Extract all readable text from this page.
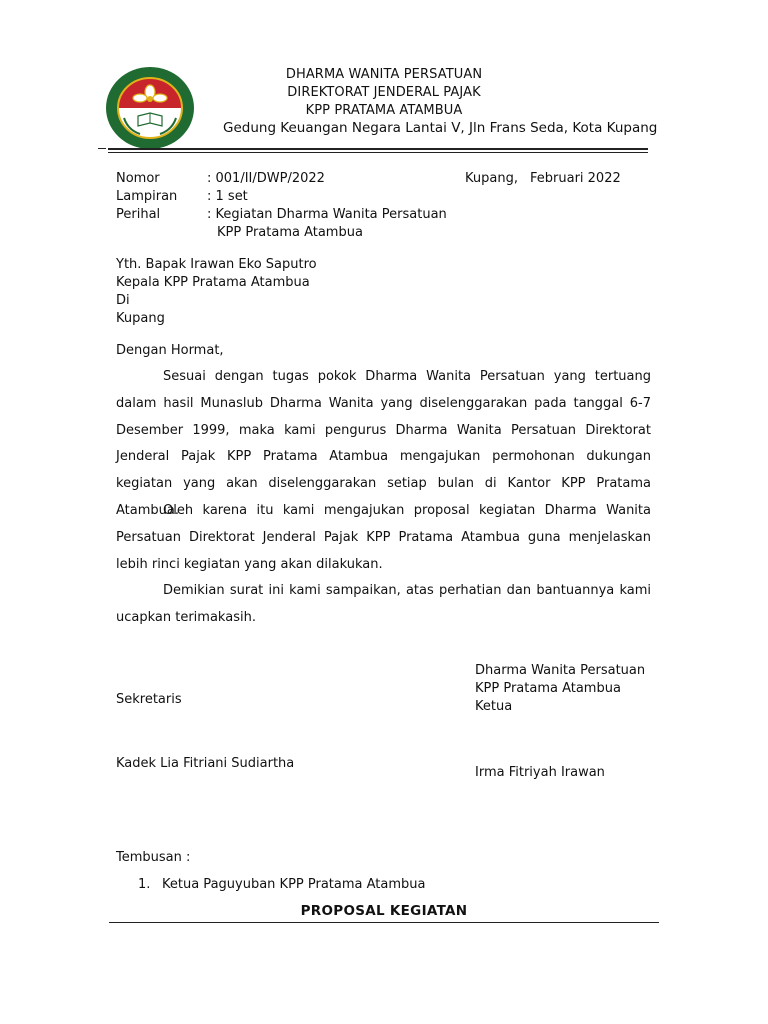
DHARMA WANITA PERSATUAN
DIREKTORAT JENDERAL PAJAK
KPP PRATAMA ATAMBUA
Gedung Keuangan Negara Lantai V, Jln Frans Seda, Kota Kupang
Nomor	: 001/II/DWP/2022	Kupang, Februari 2022
Lampiran : 1 set
Perihal	: Kegiatan Dharma Wanita Persatuan
KPP Pratama Atambua
Yth. Bapak Irawan Eko Saputro
Kepala KPP Pratama Atambua
Di
Kupang
Dengan Hormat,
Sesuai dengan tugas pokok Dharma Wanita Persatuan yang tertuang dalam hasil Munaslub Dharma Wanita yang diselenggarakan pada tanggal 6-7 Desember 1999, maka kami pengurus Dharma Wanita Persatuan Direktorat Jenderal Pajak KPP Pratama Atambua mengajukan permohonan dukungan kegiatan yang akan diselenggarakan setiap bulan di Kantor KPP Pratama Atambua.
Oleh karena itu kami mengajukan proposal kegiatan Dharma Wanita Persatuan Direktorat Jenderal Pajak KPP Pratama Atambua guna menjelaskan lebih rinci kegiatan yang akan dilakukan.
Demikian surat ini kami sampaikan, atas perhatian dan bantuannya kami ucapkan terimakasih.
Dharma Wanita Persatuan
KPP Pratama Atambua
Ketua
Sekretaris
Kadek Lia Fitriani Sudiartha
Irma Fitriyah Irawan
Tembusan :
1. Ketua Paguyuban KPP Pratama Atambua
PROPOSAL KEGIATAN
